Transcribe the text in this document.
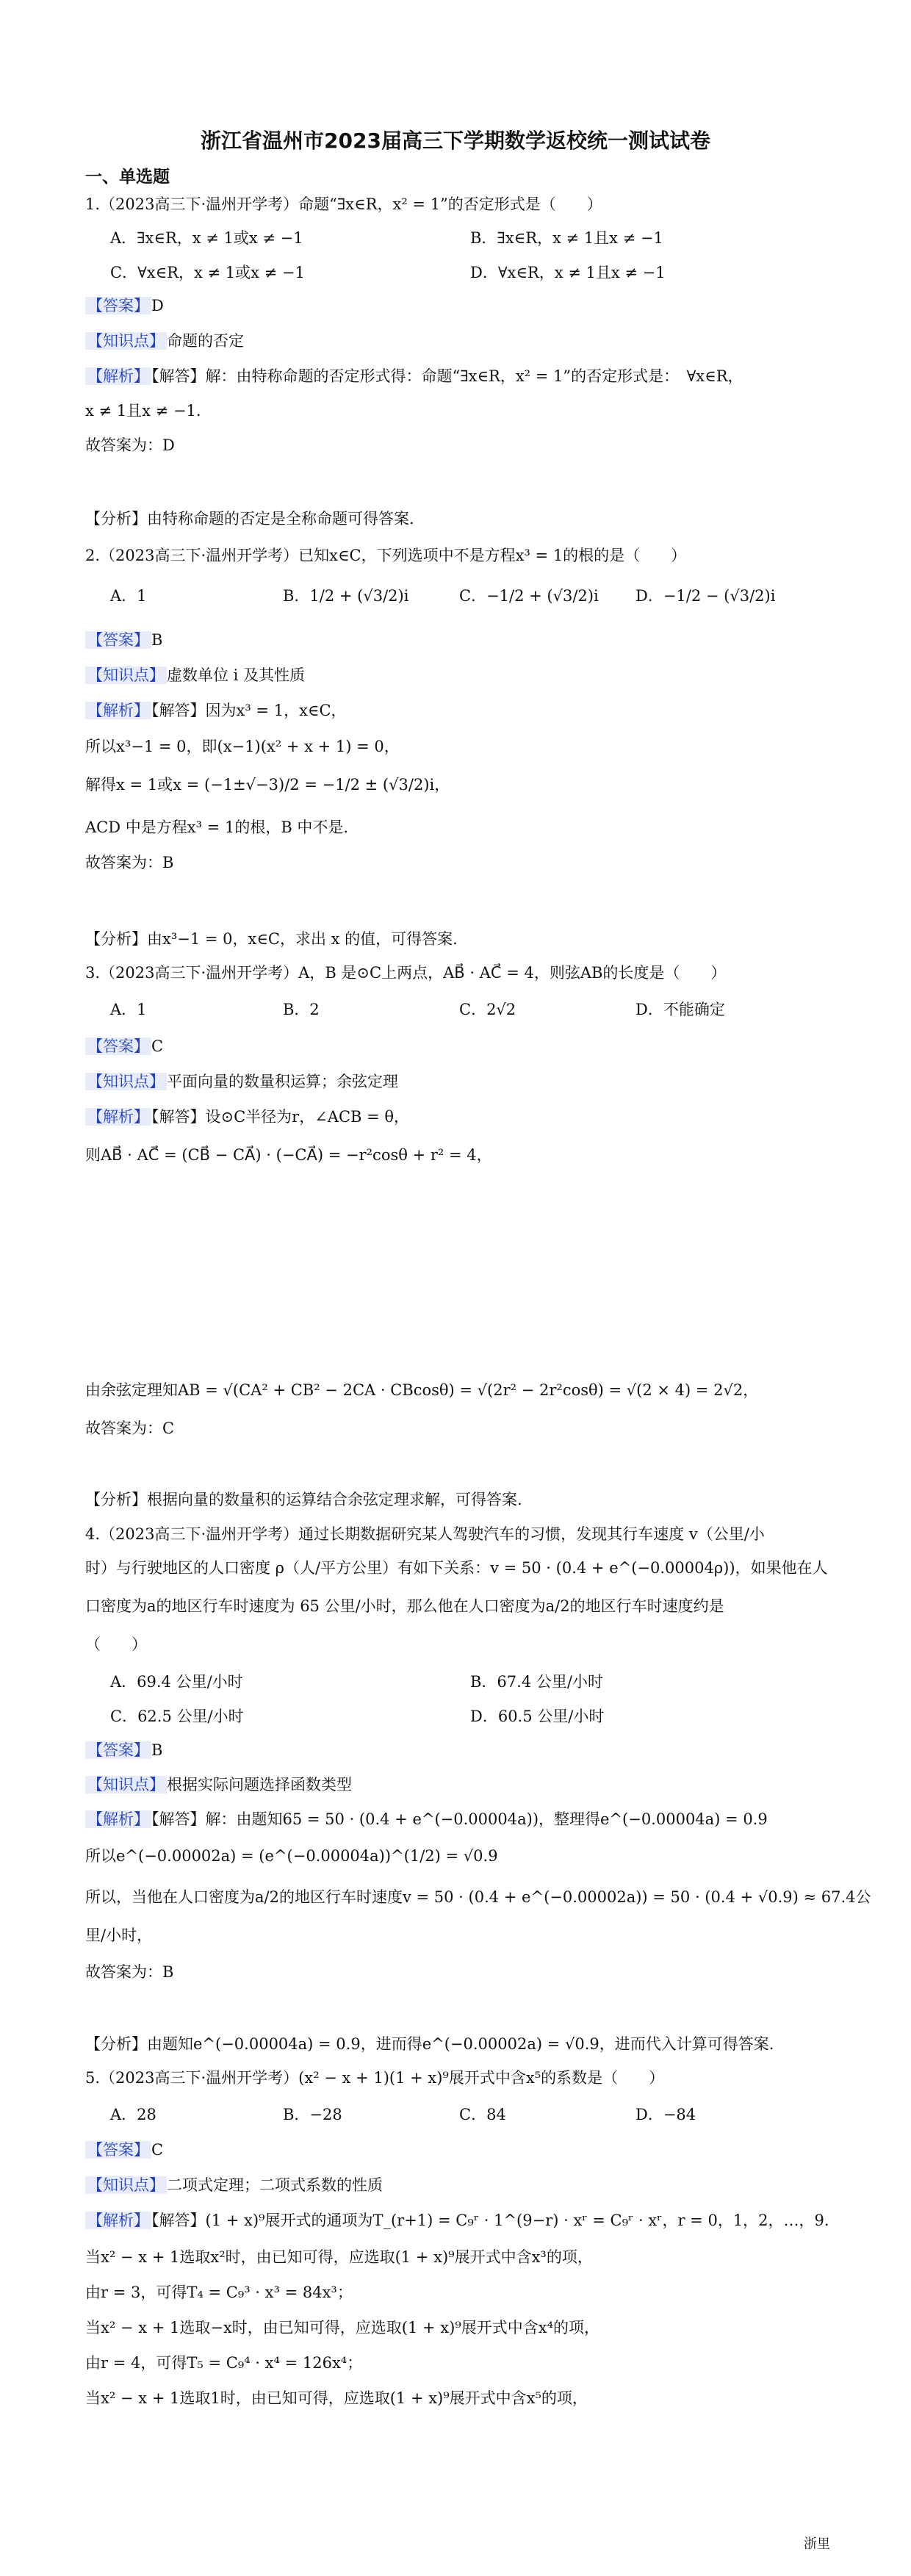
浙江省温州市2023届高三下学期数学返校统一测试试卷
一、单选题
1.（2023高三下·温州开学考）命题“∃x∈R，x² = 1”的否定形式是（　　）
A．∃x∈R，x ≠ 1或x ≠ −1	B．∃x∈R，x ≠ 1且x ≠ −1
C．∀x∈R，x ≠ 1或x ≠ −1	D．∀x∈R，x ≠ 1且x ≠ −1
【答案】 D
【知识点】 命题的否定
【解析】 【解答】解：由特称命题的否定形式得：命题“∃x∈R，x² = 1”的否定形式是：　∀x∈R，
x ≠ 1且x ≠ −1.
故答案为：D
【分析】由特称命题的否定是全称命题可得答案.
2.（2023高三下·温州开学考）已知x∈C，下列选项中不是方程x³ = 1的根的是（　　）
A．1	B．1/2 + (√3/2)i	C．−1/2 + (√3/2)i D．−1/2 − (√3/2)i
【答案】 B
【知识点】 虚数单位 i 及其性质
【解析】 【解答】因为x³ = 1，x∈C，
所以x³−1 = 0，即(x−1)(x² + x + 1) = 0，
解得x = 1或x = (−1±√−3)/2 = −1/2 ± (√3/2)i，
ACD 中是方程x³ = 1的根，B 中不是.
故答案为：B
【分析】由x³−1 = 0，x∈C，求出 x 的值，可得答案.
3.（2023高三下·温州开学考）A，B 是⊙C上两点，AB⃗ · AC⃗ = 4，则弦AB的长度是（　　）
A．1	B．2	C．2√2	D．不能确定
【答案】 C
【知识点】 平面向量的数量积运算；余弦定理
【解析】 【解答】设⊙C半径为r，∠ACB = θ，
则AB⃗ · AC⃗ = (CB⃗ − CA⃗) · (−CA⃗) = −r²cosθ + r² = 4，
由余弦定理知AB = √(CA² + CB² − 2CA · CBcosθ) = √(2r² − 2r²cosθ) = √(2 × 4) = 2√2，
故答案为：C
【分析】根据向量的数量积的运算结合余弦定理求解，可得答案.
4.（2023高三下·温州开学考）通过长期数据研究某人驾驶汽车的习惯，发现其行车速度 v（公里/小
时）与行驶地区的人口密度 ρ（人/平方公里）有如下关系：v = 50 · (0.4 + e^(−0.00004ρ))，如果他在人
口密度为a的地区行车时速度为 65 公里/小时，那么他在人口密度为a/2的地区行车时速度约是
（　　）
A．69.4 公里/小时	B．67.4 公里/小时
C．62.5 公里/小时	D．60.5 公里/小时
【答案】 B
【知识点】 根据实际问题选择函数类型
【解析】 【解答】解：由题知65 = 50 · (0.4 + e^(−0.00004a))，整理得e^(−0.00004a) = 0.9
所以e^(−0.00002a) = (e^(−0.00004a))^(1/2) = √0.9
所以，当他在人口密度为a/2的地区行车时速度v = 50 · (0.4 + e^(−0.00002a)) = 50 · (0.4 + √0.9) ≈ 67.4公
里/小时，
故答案为：B
【分析】由题知e^(−0.00004a) = 0.9，进而得e^(−0.00002a) = √0.9，进而代入计算可得答案.
5.（2023高三下·温州开学考）(x² − x + 1)(1 + x)⁹展开式中含x⁵的系数是（　　）
A．28	B．−28	C．84	D．−84
【答案】 C
【知识点】 二项式定理；二项式系数的性质
【解析】 【解答】(1 + x)⁹展开式的通项为T_(r+1) = C₉ʳ · 1^(9−r) · xʳ = C₉ʳ · xʳ，r = 0，1，2，…，9.
当x² − x + 1选取x²时，由已知可得，应选取(1 + x)⁹展开式中含x³的项，
由r = 3，可得T₄ = C₉³ · x³ = 84x³；
当x² − x + 1选取−x时，由已知可得，应选取(1 + x)⁹展开式中含x⁴的项，
由r = 4，可得T₅ = C₉⁴ · x⁴ = 126x⁴；
当x² − x + 1选取1时，由已知可得，应选取(1 + x)⁹展开式中含x⁵的项，
浙里
